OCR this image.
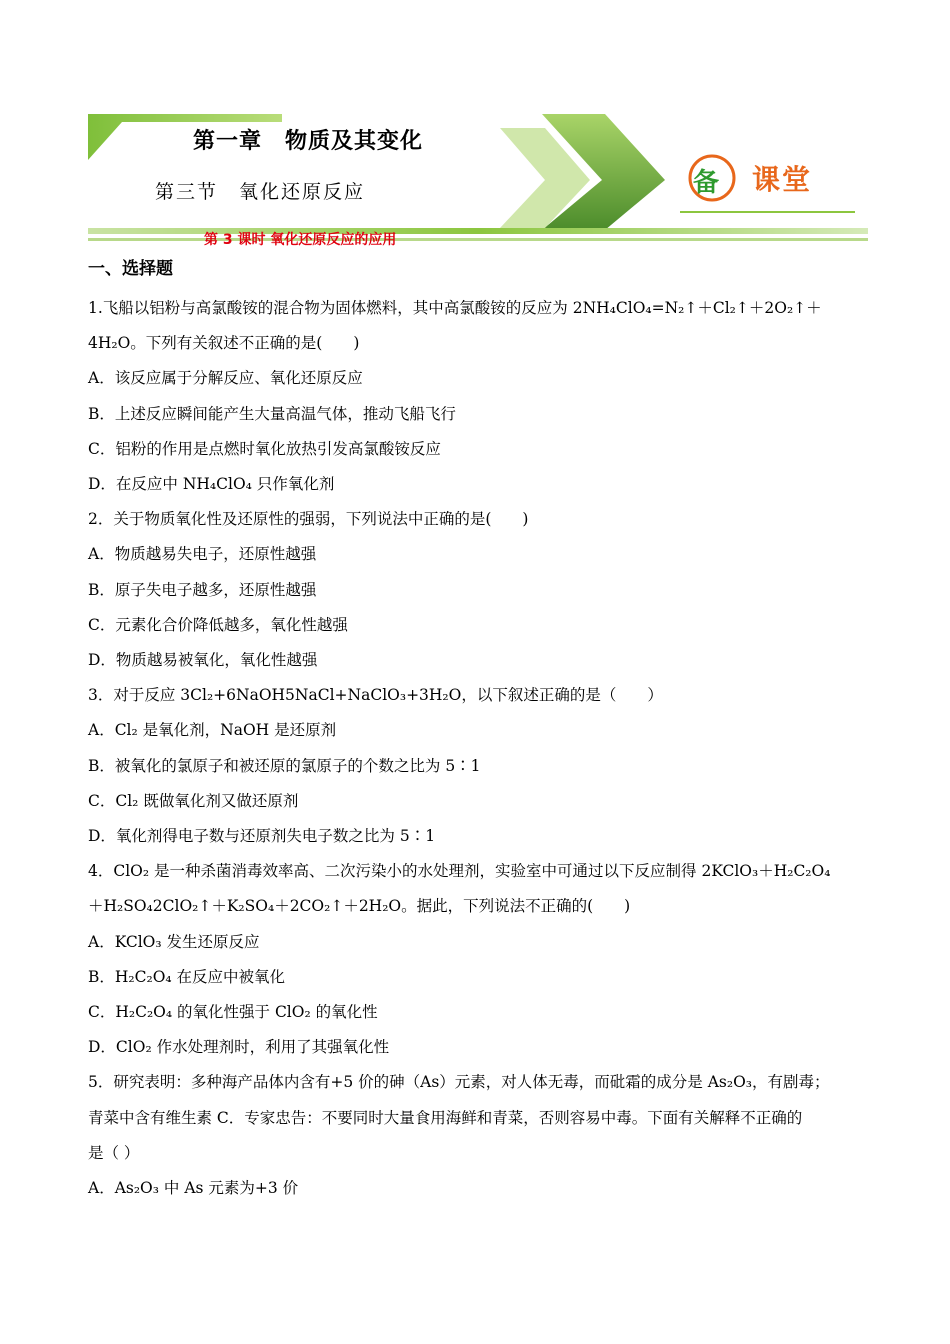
备 课堂
第一章　物质及其变化
第三节　氧化还原反应
第 3 课时 氧化还原反应的应用
一、选择题
1.飞船以铝粉与高氯酸铵的混合物为固体燃料，其中高氯酸铵的反应为 2NH₄ClO₄=N₂↑＋Cl₂↑＋2O₂↑＋
4H₂O。下列有关叙述不正确的是(　　)
A．该反应属于分解反应、氧化还原反应
B．上述反应瞬间能产生大量高温气体，推动飞船飞行
C．铝粉的作用是点燃时氧化放热引发高氯酸铵反应
D．在反应中 NH₄ClO₄ 只作氧化剂
2．关于物质氧化性及还原性的强弱，下列说法中正确的是(　　)
A．物质越易失电子，还原性越强
B．原子失电子越多，还原性越强
C．元素化合价降低越多，氧化性越强
D．物质越易被氧化，氧化性越强
3．对于反应 3Cl₂+6NaOH5NaCl+NaClO₃+3H₂O，以下叙述正确的是（　　）
A．Cl₂ 是氧化剂，NaOH 是还原剂
B．被氧化的氯原子和被还原的氯原子的个数之比为 5∶1
C．Cl₂ 既做氧化剂又做还原剂
D．氧化剂得电子数与还原剂失电子数之比为 5∶1
4．ClO₂ 是一种杀菌消毒效率高、二次污染小的水处理剂，实验室中可通过以下反应制得 2KClO₃＋H₂C₂O₄
＋H₂SO₄2ClO₂↑＋K₂SO₄＋2CO₂↑＋2H₂O。据此，下列说法不正确的(　　)
A．KClO₃ 发生还原反应
B．H₂C₂O₄ 在反应中被氧化
C．H₂C₂O₄ 的氧化性强于 ClO₂ 的氧化性
D．ClO₂ 作水处理剂时，利用了其强氧化性
5．研究表明：多种海产品体内含有+5 价的砷（As）元素，对人体无毒，而砒霜的成分是 As₂O₃，有剧毒；
青菜中含有维生素 C．专家忠告：不要同时大量食用海鲜和青菜，否则容易中毒。下面有关解释不正确的
是（ ）
A．As₂O₃ 中 As 元素为+3 价
